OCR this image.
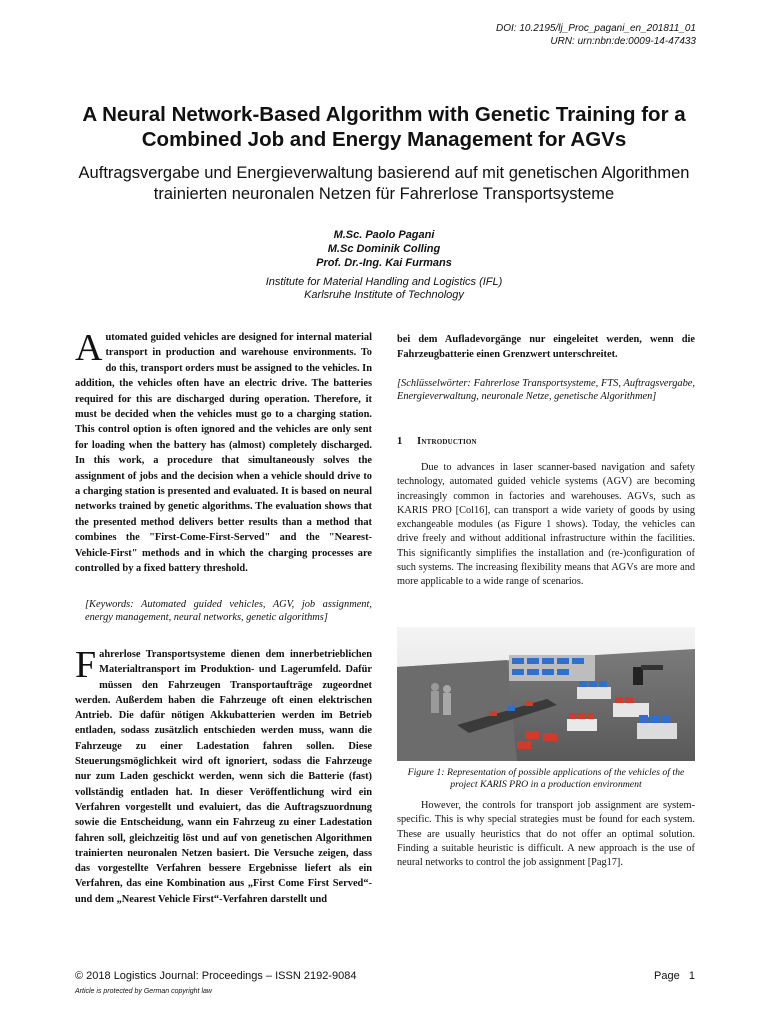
DOI: 10.2195/lj_Proc_pagani_en_201811_01
URN: urn:nbn:de:0009-14-47433
A Neural Network-Based Algorithm with Genetic Training for a Combined Job and Energy Management for AGVs
Auftragsvergabe und Energieverwaltung basierend auf mit genetischen Algorithmen trainierten neuronalen Netzen für Fahrerlose Transportsysteme
M.Sc. Paolo Pagani
M.Sc Dominik Colling
Prof. Dr.-Ing. Kai Furmans
Institute for Material Handling and Logistics (IFL)
Karlsruhe Institute of Technology
Automated guided vehicles are designed for internal material transport in production and warehouse environments. To do this, transport orders must be assigned to the vehicles. In addition, the vehicles often have an electric drive. The batteries required for this are discharged during operation. Therefore, it must be decided when the vehicles must go to a charging station. This control option is often ignored and the vehicles are only sent for loading when the battery has (almost) completely discharged. In this work, a procedure that simultaneously solves the assignment of jobs and the decision when a vehicle should drive to a charging station is presented and evaluated. It is based on neural networks trained by genetic algorithms. The evaluation shows that the presented method delivers better results than a method that combines the "First-Come-First-Served" and the "Nearest-Vehicle-First" methods and in which the charging processes are controlled by a fixed battery threshold.
[Keywords: Automated guided vehicles, AGV, job assignment, energy management, neural networks, genetic algorithms]
Fahrerlose Transportsysteme dienen dem innerbetrieblichen Materialtransport im Produktion- und Lagerumfeld. Dafür müssen den Fahrzeugen Transportaufträge zugeordnet werden. Außerdem haben die Fahrzeuge oft einen elektrischen Antrieb. Die dafür nötigen Akkubatterien werden im Betrieb entladen, sodass zusätzlich entschieden werden muss, wann die Fahrzeuge zu einer Ladestation fahren sollen. Diese Steuerungsmöglichkeit wird oft ignoriert, sodass die Fahrzeuge nur zum Laden geschickt werden, wenn sich die Batterie (fast) vollständig entladen hat. In dieser Veröffentlichung wird ein Verfahren vorgestellt und evaluiert, das die Auftragszuordnung sowie die Entscheidung, wann ein Fahrzeug zu einer Ladestation fahren soll, gleichzeitig löst und auf von genetischen Algorithmen trainierten neuronalen Netzen basiert. Die Versuche zeigen, dass das vorgestellte Verfahren bessere Ergebnisse liefert als ein Verfahren, das eine Kombination aus „First Come First Served“- und dem „Nearest Vehicle First“-Verfahren darstellt und
bei dem Aufladevorgänge nur eingeleitet werden, wenn die Fahrzeugbatterie einen Grenzwert unterschreitet.
[Schlüsselwörter: Fahrerlose Transportsysteme, FTS, Auftragsvergabe, Energieverwaltung, neuronale Netze, genetische Algorithmen]
1 Introduction
Due to advances in laser scanner-based navigation and safety technology, automated guided vehicle systems (AGV) are becoming increasingly common in factories and warehouses. AGVs, such as KARIS PRO [Col16], can transport a wide variety of goods by using exchangeable modules (as Figure 1 shows). Today, the vehicles can drive freely and without additional infrastructure within the facilities. This significantly simplifies the installation and (re-)configuration of such systems. The increasing flexibility means that AGVs are more and more applicable to a wide range of scenarios.
Figure 1: Representation of possible applications of the vehicles of the project KARIS PRO in a production environment
However, the controls for transport job assignment are system-specific. This is why special strategies must be found for each system. These are usually heuristics that do not offer an optimal solution. Finding a suitable heuristic is difficult. A new approach is the use of neural networks to control the job assignment [Pag17].
© 2018 Logistics Journal: Proceedings – ISSN 2192-9084	Page   1
Article is protected by German copyright law
